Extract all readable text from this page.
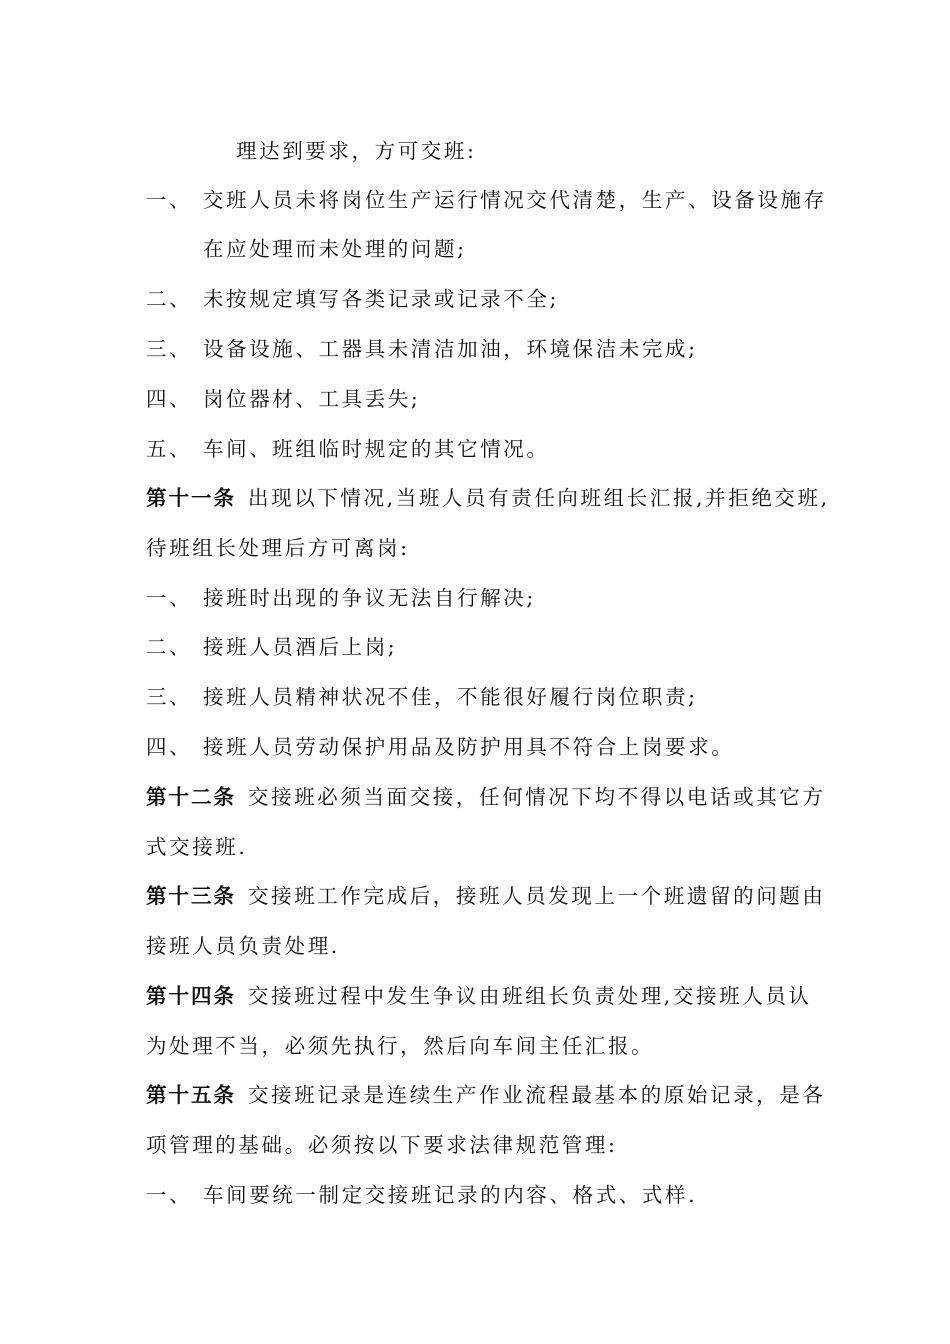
理达到要求，方可交班:
一、 交班人员未将岗位生产运行情况交代清楚，生产、设备设施存
在应处理而未处理的问题;
二、 未按规定填写各类记录或记录不全;
三、 设备设施、工器具未清洁加油，环境保洁未完成;
四、 岗位器材、工具丢失;
五、 车间、班组临时规定的其它情况。
第十一条 出现以下情况,当班人员有责任向班组长汇报,并拒绝交班,
待班组长处理后方可离岗:
一、 接班时出现的争议无法自行解决;
二、 接班人员酒后上岗;
三、 接班人员精神状况不佳，不能很好履行岗位职责;
四、 接班人员劳动保护用品及防护用具不符合上岗要求。
第十二条 交接班必须当面交接，任何情况下均不得以电话或其它方
式交接班.
第十三条 交接班工作完成后，接班人员发现上一个班遗留的问题由
接班人员负责处理.
第十四条 交接班过程中发生争议由班组长负责处理,交接班人员认
为处理不当，必须先执行，然后向车间主任汇报。
第十五条 交接班记录是连续生产作业流程最基本的原始记录，是各
项管理的基础。必须按以下要求法律规范管理:
一、 车间要统一制定交接班记录的内容、格式、式样.
